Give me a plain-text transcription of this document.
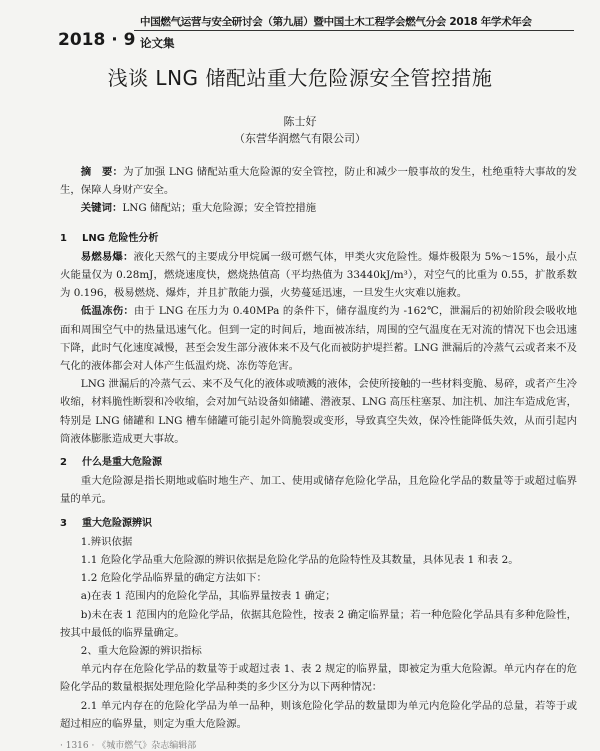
中国燃气运营与安全研讨会（第九届）暨中国土木工程学会燃气分会 2018 年学术年会
2018 · 9 论文集
浅谈 LNG 储配站重大危险源安全管控措施
陈士好
（东营华润燃气有限公司）

摘　要：为了加强 LNG 储配站重大危险源的安全管控，防止和减少一般事故的发生，杜绝重特大事故的发生，保障人身财产安全。

关键词：LNG 储配站；重大危险源；安全管控措施

1 LNG 危险性分析

易燃易爆：液化天然气的主要成分甲烷属一级可燃气体，甲类火灾危险性。爆炸极限为 5%～15%，最小点火能量仅为 0.28mJ，燃烧速度快，燃烧热值高（平均热值为 33440kJ/m³），对空气的比重为 0.55，扩散系数为 0.196，极易燃烧、爆炸，并且扩散能力强，火势蔓延迅速，一旦发生火灾难以施救。

低温冻伤：由于 LNG 在压力为 0.40MPa 的条件下，储存温度约为 -162℃，泄漏后的初始阶段会吸收地面和周围空气中的热量迅速气化。但到一定的时间后，地面被冻结，周围的空气温度在无对流的情况下也会迅速下降，此时气化速度减慢，甚至会发生部分液体来不及气化而被防护堤拦蓄。LNG 泄漏后的冷蒸气云或者来不及气化的液体都会对人体产生低温灼烧、冻伤等危害。

LNG 泄漏后的冷蒸气云、来不及气化的液体或喷溅的液体，会使所接触的一些材料变脆、易碎，或者产生冷收缩，材料脆性断裂和冷收缩，会对加气站设备如储罐、潜液泵、LNG 高压柱塞泵、加注机、加注车造成危害，特别是 LNG 储罐和 LNG 槽车储罐可能引起外筒脆裂或变形，导致真空失效，保冷性能降低失效，从而引起内筒液体膨胀造成更大事故。

2 什么是重大危险源

重大危险源是指长期地或临时地生产、加工、使用或储存危险化学品，且危险化学品的数量等于或超过临界量的单元。

3 重大危险源辨识

1.辨识依据

1.1 危险化学品重大危险源的辨识依据是危险化学品的危险特性及其数量，具体见表 1 和表 2。

1.2 危险化学品临界量的确定方法如下：

a)在表 1 范围内的危险化学品，其临界量按表 1 确定；

b)未在表 1 范围内的危险化学品，依据其危险性，按表 2 确定临界量；若一种危险化学品具有多种危险性，按其中最低的临界量确定。

2、重大危险源的辨识指标

单元内存在危险化学品的数量等于或超过表 1、表 2 规定的临界量，即被定为重大危险源。单元内存在的危险化学品的数量根据处理危险化学品种类的多少区分为以下两种情况：

2.1 单元内存在的危险化学品为单一品种，则该危险化学品的数量即为单元内危险化学品的总量，若等于或超过相应的临界量，则定为重大危险源。

· 1316 · 《城市燃气》杂志编辑部
